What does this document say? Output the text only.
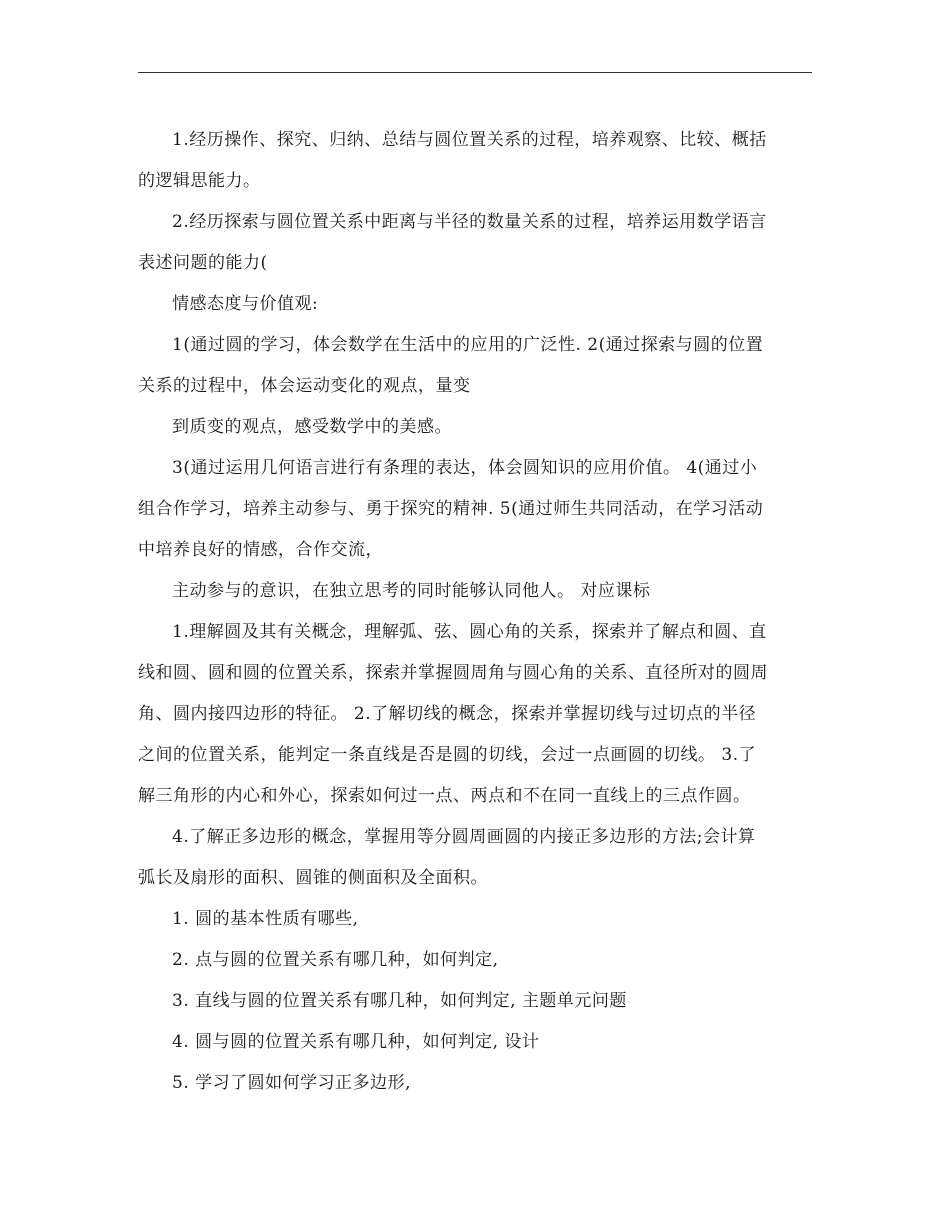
1.经历操作、探究、归纳、总结与圆位置关系的过程，培养观察、比较、概括
的逻辑思能力。
2.经历探索与圆位置关系中距离与半径的数量关系的过程，培养运用数学语言
表述问题的能力(
情感态度与价值观:
1(通过圆的学习，体会数学在生活中的应用的广泛性. 2(通过探索与圆的位置
关系的过程中，体会运动变化的观点，量变
到质变的观点，感受数学中的美感。
3(通过运用几何语言进行有条理的表达，体会圆知识的应用价值。 4(通过小
组合作学习，培养主动参与、勇于探究的精神. 5(通过师生共同活动，在学习活动
中培养良好的情感，合作交流，
主动参与的意识，在独立思考的同时能够认同他人。 对应课标
1.理解圆及其有关概念，理解弧、弦、圆心角的关系，探索并了解点和圆、直
线和圆、圆和圆的位置关系，探索并掌握圆周角与圆心角的关系、直径所对的圆周
角、圆内接四边形的特征。 2.了解切线的概念，探索并掌握切线与过切点的半径
之间的位置关系，能判定一条直线是否是圆的切线，会过一点画圆的切线。 3.了
解三角形的内心和外心，探索如何过一点、两点和不在同一直线上的三点作圆。
4.了解正多边形的概念，掌握用等分圆周画圆的内接正多边形的方法;会计算
弧长及扇形的面积、圆锥的侧面积及全面积。
1. 圆的基本性质有哪些,
2. 点与圆的位置关系有哪几种，如何判定,
3. 直线与圆的位置关系有哪几种，如何判定, 主题单元问题
4. 圆与圆的位置关系有哪几种，如何判定, 设计
5. 学习了圆如何学习正多边形,
